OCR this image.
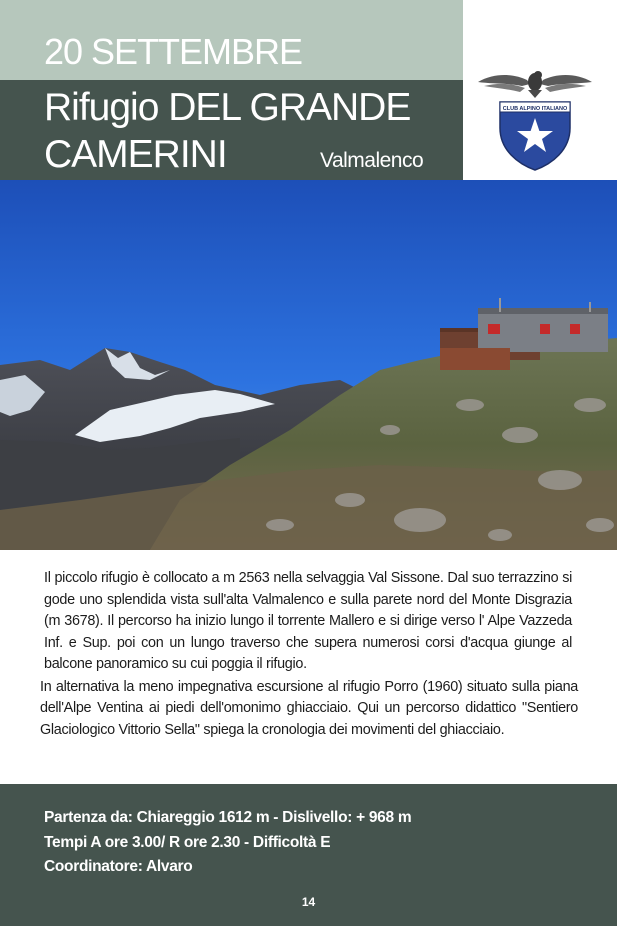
20 SETTEMBRE
Rifugio DEL GRANDE
CAMERINI	Valmalenco
CLUB ALPINO ITALIANO

Il piccolo rifugio è collocato a m 2563 nella selvaggia Val Sissone. Dal suo terrazzino si gode uno splendida vista sull'alta Valmalenco e sulla parete nord del Monte Disgrazia (m 3678). Il percorso ha inizio lungo il torrente Mallero e si dirige verso l' Alpe Vazzeda Inf. e Sup. poi con un lungo traverso che supera numerosi corsi d'acqua giunge al balcone panoramico su cui poggia il rifugio.

In alternativa la meno impegnativa escursione al rifugio Porro (1960) situato sulla piana dell'Alpe Ventina ai piedi dell'omonimo ghiacciaio. Qui un percorso didattico "Sentiero Glaciologico Vittorio Sella" spiega la cronologia dei movimenti del ghiacciaio.

Partenza da: Chiareggio 1612 m - Dislivello: + 968 m
Tempi A ore 3.00/ R ore 2.30 - Difficoltà E
Coordinatore: Alvaro
14
